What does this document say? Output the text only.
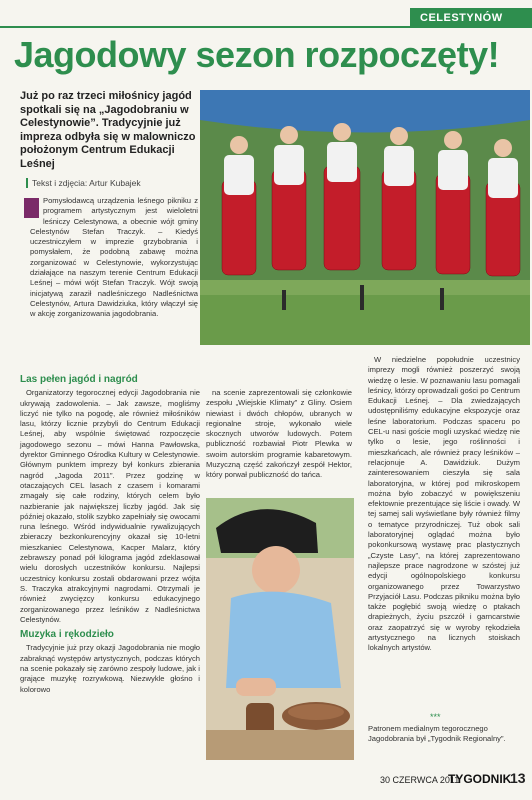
CELESTYNÓW
Jagodowy sezon rozpoczęty!

Już po raz trzeci miłośnicy jagód spotkali się na „Jagodobraniu w Celestynowie”. Tradycyjnie już impreza odbyła się w malowniczo położonym Centrum Edukacji Leśnej

Tekst i zdjęcia: Artur Kubajek
Pomysłodawcą urządzenia leśnego pikniku z programem artystycznym jest wieloletni leśniczy Celestynowa, a obecnie wójt gminy Celestynów Stefan Traczyk. – Kiedyś uczestniczyłem w imprezie grzybobrania i pomysłałem, że podobną zabawę można zorganizować w Celestynowie, wykorzystując działające na naszym terenie Centrum Edukacji Leśnej – mówi wójt Stefan Traczyk. Wójt swoją inicjatywą zaraził nadleśniczego Nadleśnictwa Celestynów, Artura Dawidziuka, który włączył się w akcję zorganizowania jagodobrania.
Las pełen jagód i nagród

Organizatorzy tegorocznej edycji Jagodobrania nie ukrywają zadowolenia. – Jak zawsze, mogliśmy liczyć nie tylko na pogodę, ale również miłośników lasu, którzy licznie przybyli do Centrum Edukacji Leśnej, aby wspólnie świętować rozpoczęcie jagodowego sezonu – mówi Hanna Pawłowska, dyrektor Gminnego Ośrodka Kultury w Celestynowie. Głównym punktem imprezy był konkurs zbierania nagród „Jagoda 2011”. Przez godzinę w otaczających CEL lasach z czasem i komarami zmagały się całe rodziny, których celem było nazbieranie jak największej liczby jagód. Jak się później okazało, stolik szybko zapełniały się owocami runa leśnego. Wśród indywidualnie rywalizujących zbieraczy bezkonkurencyjny okazał się 10-letni mieszkaniec Celestynowa, Kacper Malarz, który zebrawszy ponad pół kilograma jagód zdeklasował wielu dorosłych uczestników konkursu. Najlepsi uczestnicy konkursu zostali obdarowani przez wójta S. Traczyka atrakcyjnymi nagrodami. Otrzymali je również zwycięzcy konkursu edukacyjnego zorganizowanego przez leśników z Nadleśnictwa Celestynów.

Muzyka i rękodzieło

Tradycyjnie już przy okazji Jagodobrania nie mogło zabraknąć występów artystycznych, podczas których na scenie pokazały się zarówno zespoły ludowe, jak i grające muzykę rozrywkową. Niezwykle głośno i kolorowo

na scenie zaprezentowali się członkowie zespołu „Wiejskie Klimaty” z Gliny. Osiem niewiast i dwóch chłopów, ubranych w regionalne stroje, wykonało wiele skocznych utworów ludowych. Potem publiczność rozbawiał Piotr Plewka w swoim autorskim programie kabaretowym. Muzyczną część zakończył zespół Hektor, który porwał publiczność do tańca.

W niedzielne popołudnie uczestnicy imprezy mogli również poszerzyć swoją wiedzę o lesie. W poznawaniu lasu pomagali leśnicy, którzy oprowadzali gości po Centrum Edukacji Leśnej. – Dla zwiedzających udostępniliśmy edukacyjne ekspozycje oraz leśne laboratorium. Podczas spaceru po CEL-u nasi goście mogli uzyskać wiedzę nie tylko o lesie, jego roślinności i mieszkańcach, ale również pracy leśników – relacjonuje A. Dawidziuk. Dużym zainteresowaniem cieszyła się sala laboratoryjna, w której pod mikroskopem można było zobaczyć w powiększeniu efektownie prezentujące się liście i owady. W tej samej sali wyświetlane były również filmy o tematyce przyrodniczej. Tuż obok sali laboratoryjnej oglądać można było pokonkursową wystawę prac plastycznych „Czyste Lasy”, na której zaprezentowano najlepsze prace nagrodzone w szóstej już edycji ogólnopolskiego konkursu organizowanego przez Towarzystwo Przyjaciół Lasu. Podczas pikniku można było także pogłębić swoją wiedzę o ptakach drapieżnych, życiu pszczół i garncarstwie oraz zaopatrzyć się w wyroby rękodzieła artystycznego na licznych stoiskach lokalnych artystów.

***
Patronem medialnym tegorocznego Jagodobrania był „Tygodnik Regionalny”.
30 CZERWCA 2011
TYGODNIK
13
